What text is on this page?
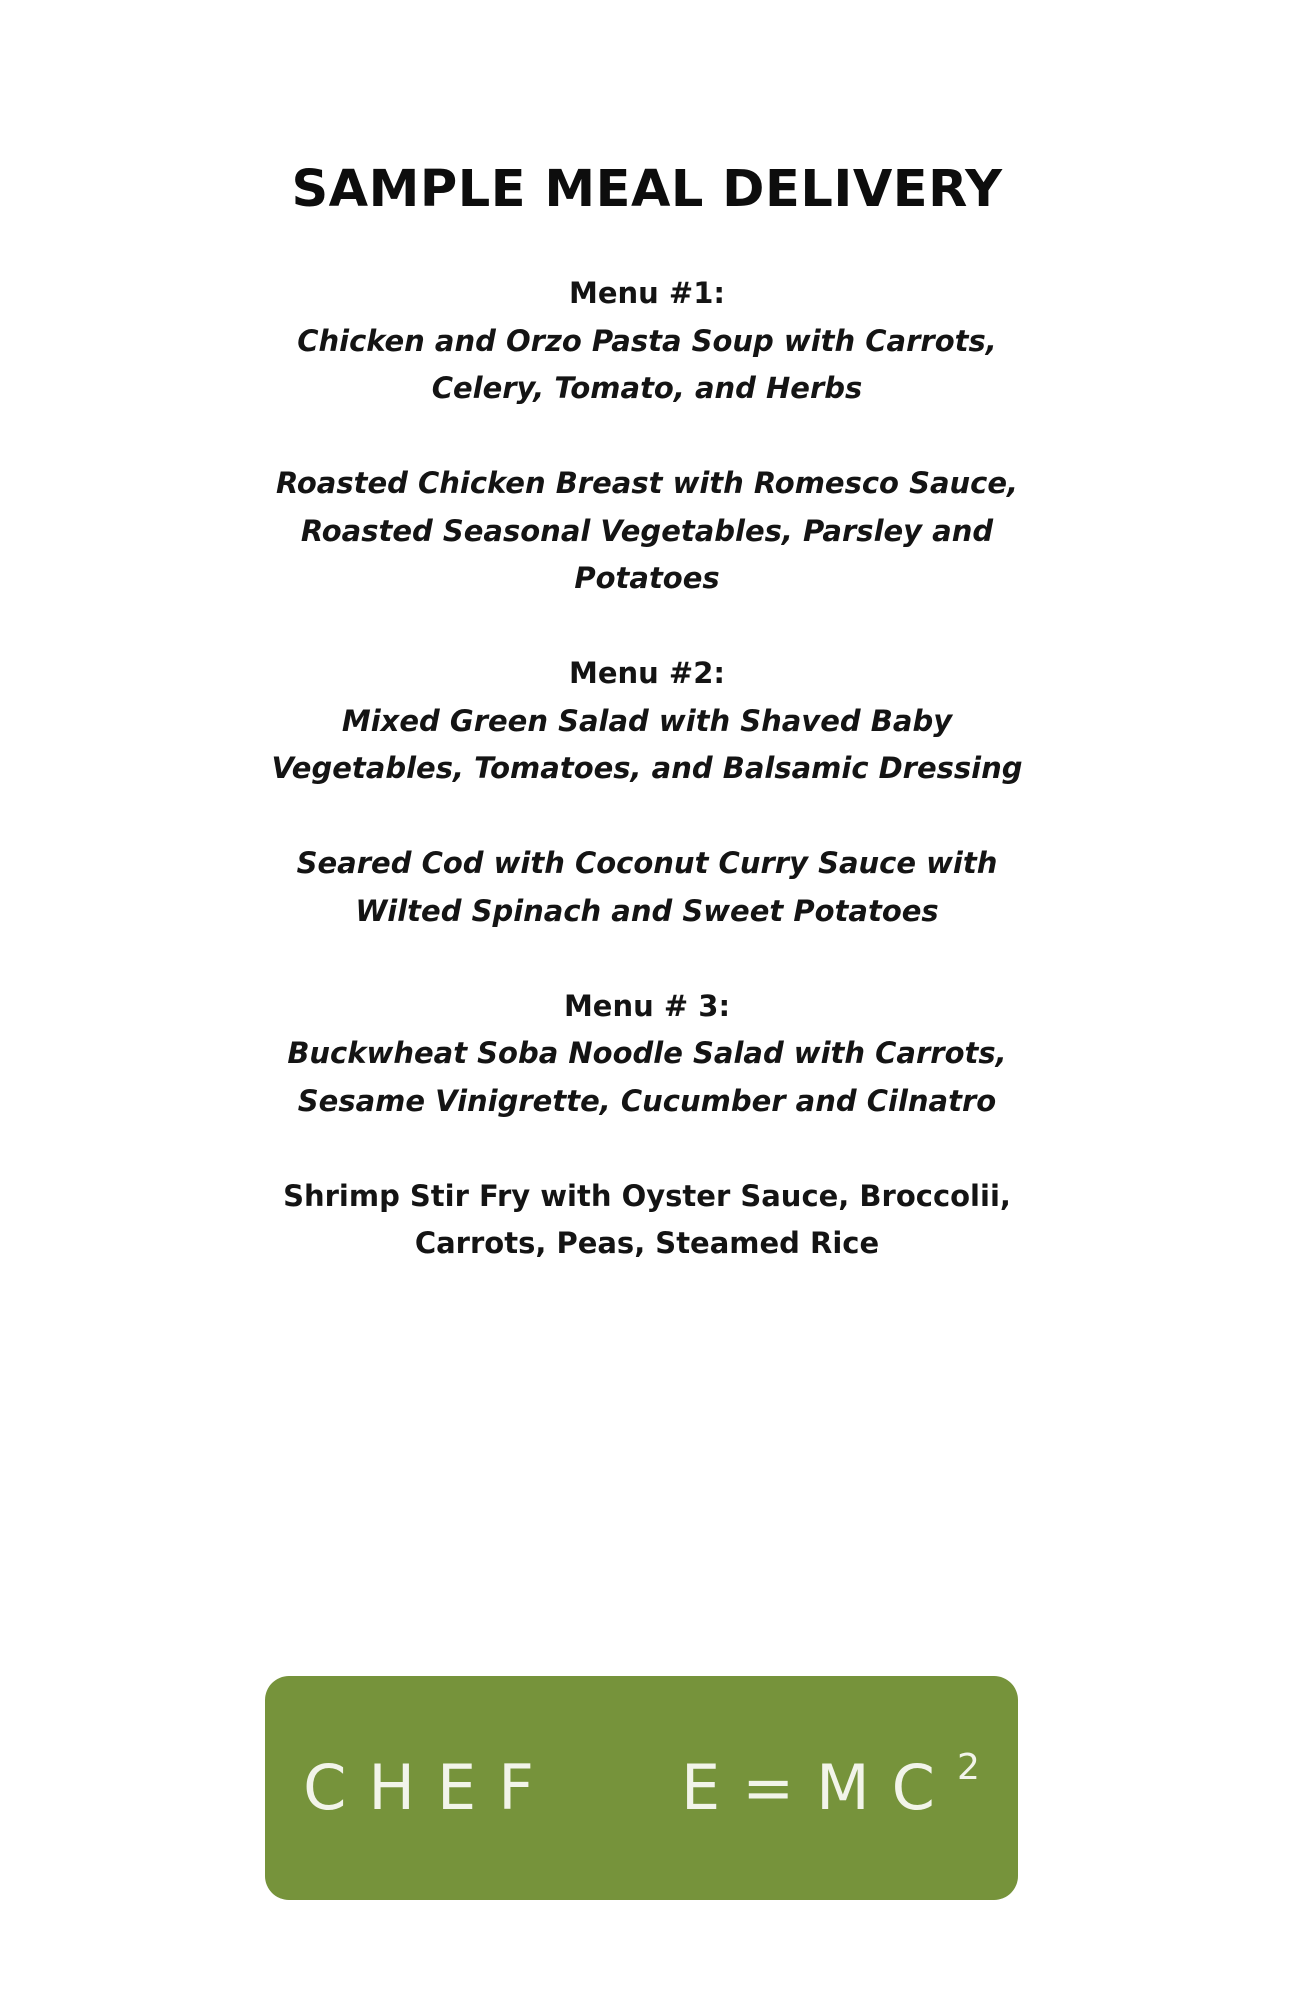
SAMPLE MEAL DELIVERY
Menu #1:
Chicken and Orzo Pasta Soup with Carrots,
Celery, Tomato, and Herbs
Roasted Chicken Breast with Romesco Sauce,
Roasted Seasonal Vegetables, Parsley and
Potatoes
Menu #2:
Mixed Green Salad with Shaved Baby
Vegetables, Tomatoes, and Balsamic Dressing
Seared Cod with Coconut Curry Sauce with
Wilted Spinach and Sweet Potatoes
Menu # 3:
Buckwheat Soba Noodle Salad with Carrots,
Sesame Vinigrette, Cucumber and Cilnatro
Shrimp Stir Fry with Oyster Sauce, Broccolii,
Carrots, Peas, Steamed Rice
CHEF $E=MC^2$
